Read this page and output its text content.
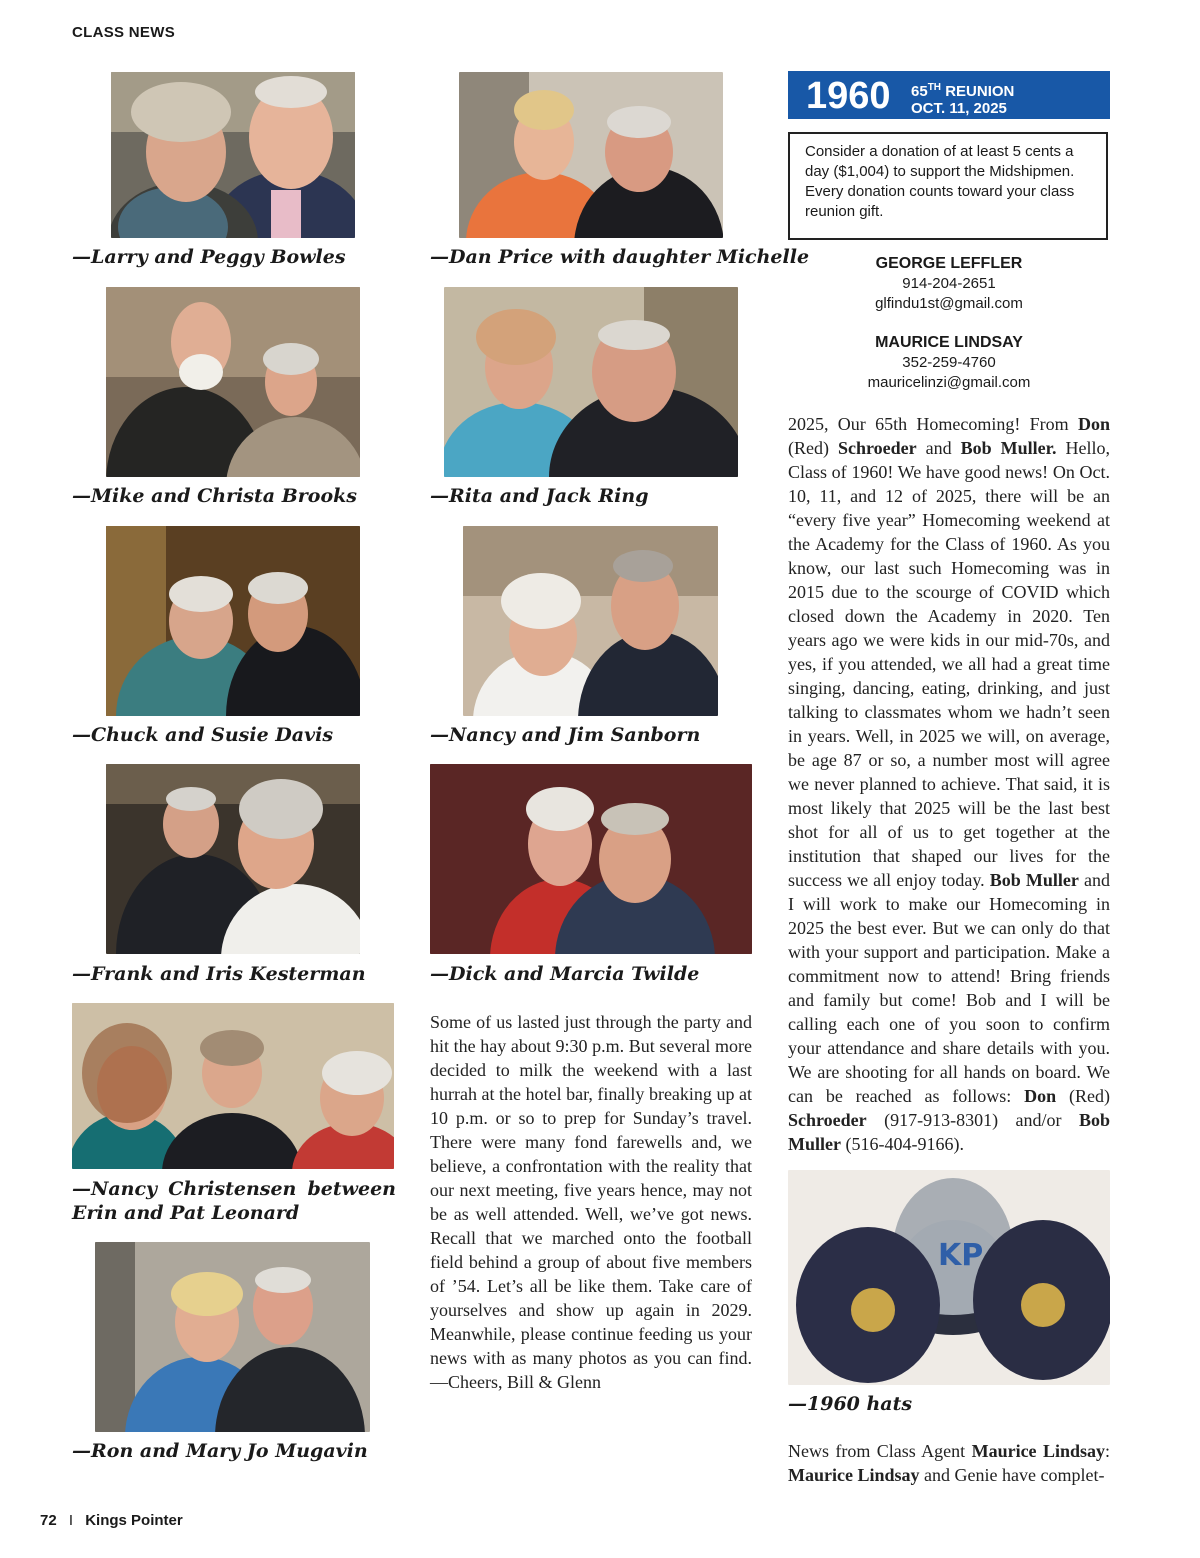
CLASS NEWS
—Larry and Peggy Bowles
—Mike and Christa Brooks
—Chuck and Susie Davis
—Frank and Iris Kesterman
—Nancy Christensen between Erin and Pat Leonard
—Ron and Mary Jo Mugavin
—Dan Price with daughter Michelle
—Rita and Jack Ring
—Nancy and Jim Sanborn
—Dick and Marcia Twilde
Some of us lasted just through the party and hit the hay about 9:30 p.m. But several more decided to milk the weekend with a last hurrah at the hotel bar, finally breaking up at 10 p.m. or so to prep for Sunday’s travel. There were many fond farewells and, we believe, a confrontation with the reality that our next meeting, five years hence, may not be as well attended. Well, we’ve got news. Recall that we marched onto the football field behind a group of about five members of ’54. Let’s all be like them. Take care of yourselves and show up again in 2029. Meanwhile, please continue feeding us your news with as many photos as you can find. —Cheers, Bill & Glenn
1960 65TH REUNION
OCT. 11, 2025
Consider a donation of at least 5 cents a day ($1,004) to support the Midshipmen. Every donation counts toward your class reunion gift.
GEORGE LEFFLER
914-204-2651
glfindu1st@gmail.com
MAURICE LINDSAY
352-259-4760
mauricelinzi@gmail.com
2025, Our 65th Homecoming! From Don (Red) Schroeder and Bob Muller. Hello, Class of 1960! We have good news! On Oct. 10, 11, and 12 of 2025, there will be an “every five year” Homecoming weekend at the Academy for the Class of 1960. As you know, our last such Homecoming was in 2015 due to the scourge of COVID which closed down the Academy in 2020. Ten years ago we were kids in our mid-70s, and yes, if you attended, we all had a great time singing, dancing, eating, drinking, and just talking to classmates whom we hadn’t seen in years. Well, in 2025 we will, on average, be age 87 or so, a number most will agree we never planned to achieve. That said, it is most likely that 2025 will be the last best shot for all of us to get together at the institution that shaped our lives for the success we all enjoy today. Bob Muller and I will work to make our Homecoming in 2025 the best ever. But we can only do that with your support and participation. Make a commitment now to attend! Bring friends and family but come! Bob and I will be calling each one of you soon to confirm your attendance and share details with you. We are shooting for all hands on board. We can be reached as follows: Don (Red) Schroeder (917-913-8301) and/or Bob Muller (516-404-9166).
KP
—1960 hats
News from Class Agent Maurice Lindsay: Maurice Lindsay and Genie have complet-
72 I Kings Pointer
